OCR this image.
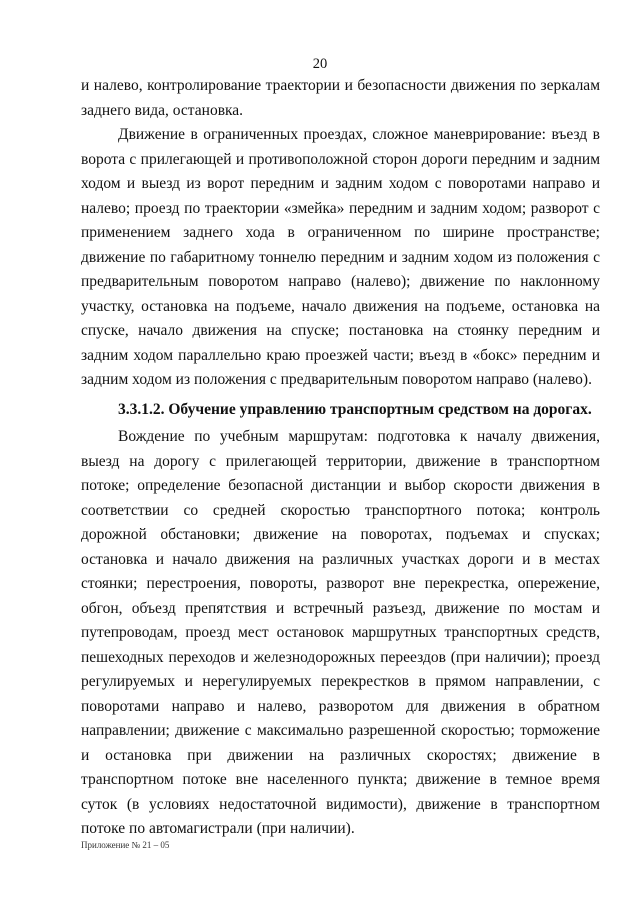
20

и налево, контролирование траектории и безопасности движения по зеркалам заднего вида, остановка.

Движение в ограниченных проездах, сложное маневрирование: въезд в ворота с прилегающей и противоположной сторон дороги передним и задним ходом и выезд из ворот передним и задним ходом с поворотами направо и налево; проезд по траектории «змейка» передним и задним ходом; разворот с применением заднего хода в ограниченном по ширине пространстве; движение по габаритному тоннелю передним и задним ходом из положения с предварительным поворотом направо (налево); движение по наклонному участку, остановка на подъеме, начало движения на подъеме, остановка на спуске, начало движения на спуске; постановка на стоянку передним и задним ходом параллельно краю проезжей части; въезд в «бокс» передним и задним ходом из положения с предварительным поворотом направо (налево).

3.3.1.2. Обучение управлению транспортным средством на дорогах.

Вождение по учебным маршрутам: подготовка к началу движения, выезд на дорогу с прилегающей территории, движение в транспортном потоке; определение безопасной дистанции и выбор скорости движения в соответствии со средней скоростью транспортного потока; контроль дорожной обстановки; движение на поворотах, подъемах и спусках; остановка и начало движения на различных участках дороги и в местах стоянки; перестроения, повороты, разворот вне перекрестка, опережение, обгон, объезд препятствия и встречный разъезд, движение по мостам и путепроводам, проезд мест остановок маршрутных транспортных средств, пешеходных переходов и железнодорожных переездов (при наличии); проезд регулируемых и нерегулируемых перекрестков в прямом направлении, с поворотами направо и налево, разворотом для движения в обратном направлении; движение с максимально разрешенной скоростью; торможение и остановка при движении на различных скоростях; движение в транспортном потоке вне населенного пункта; движение в темное время суток (в условиях недостаточной видимости), движение в транспортном потоке по автомагистрали (при наличии).

Приложение № 21 – 05
